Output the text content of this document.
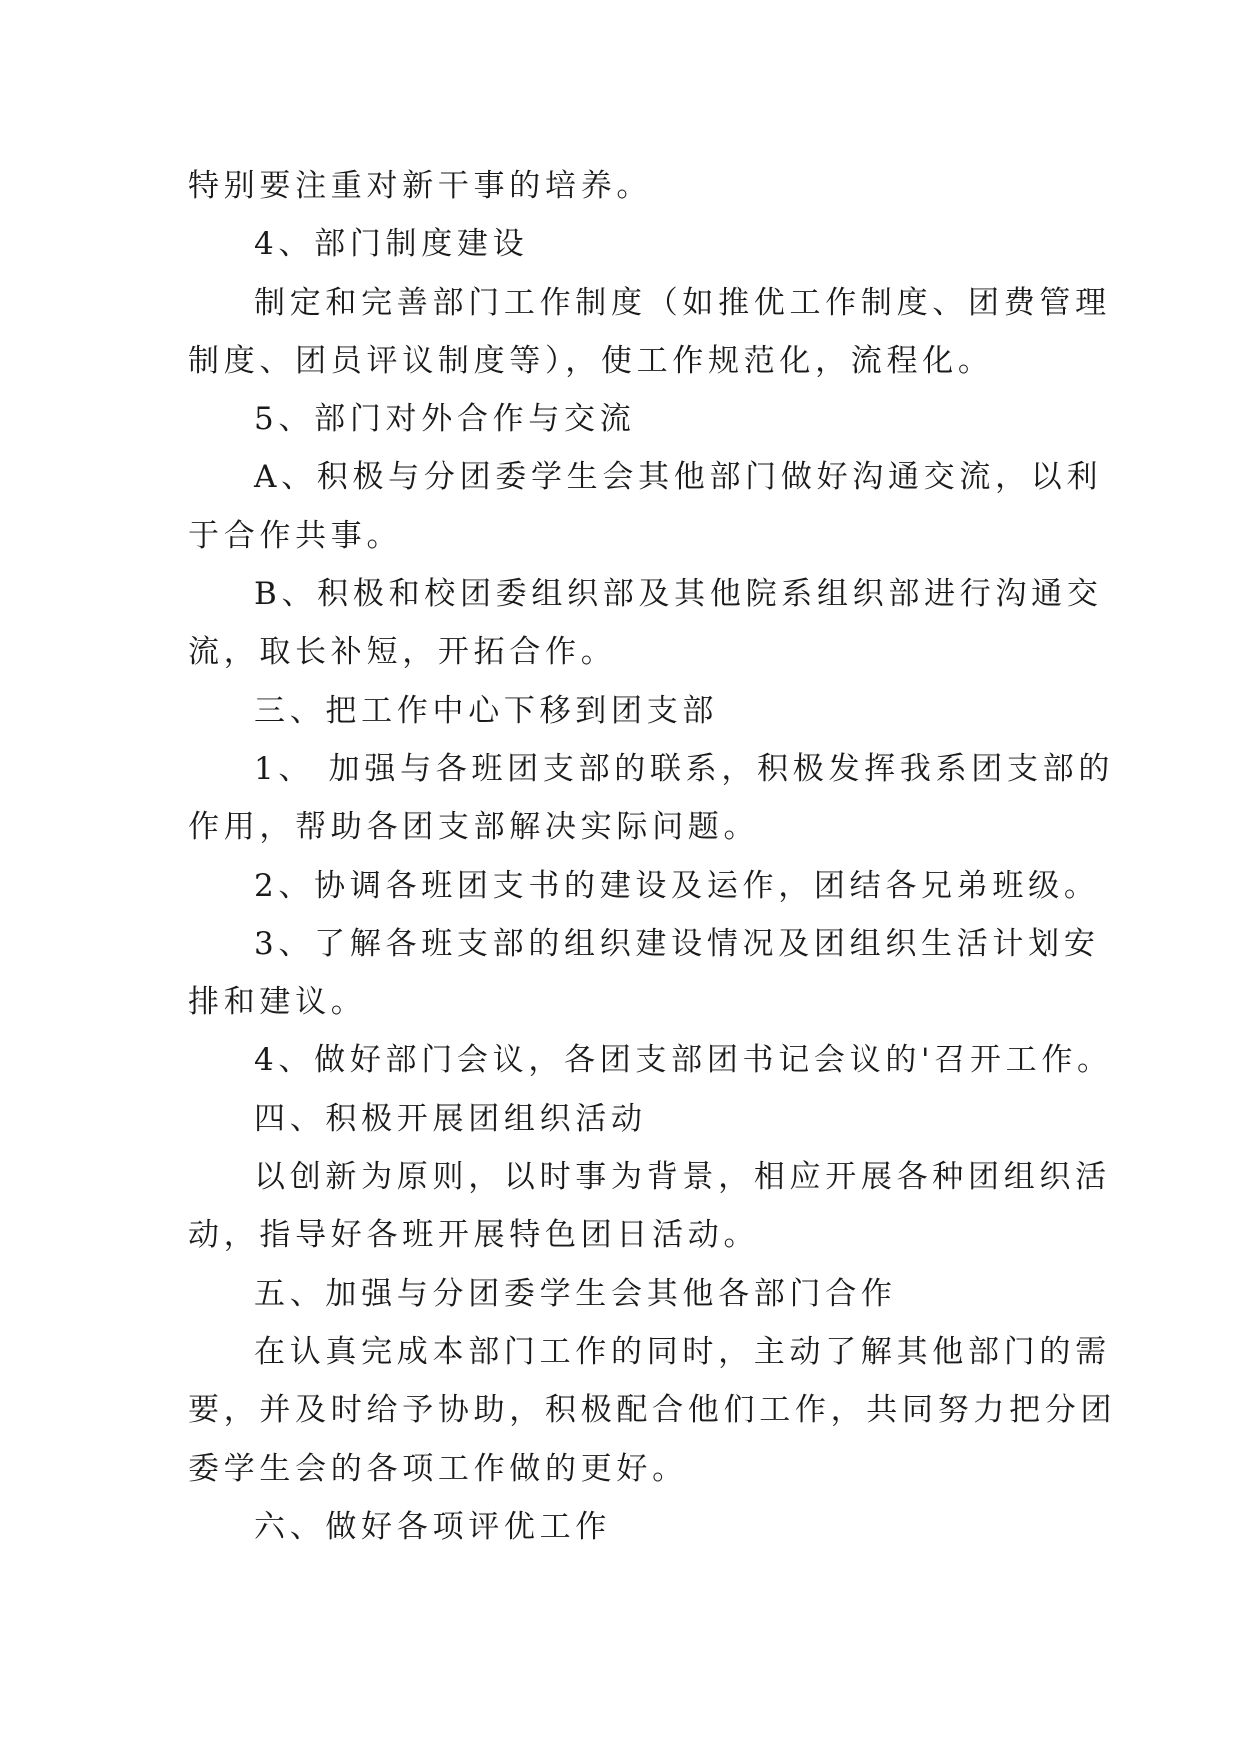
特别要注重对新干事的培养。
4、部门制度建设
制定和完善部门工作制度（如推优工作制度、团费管理
制度、团员评议制度等），使工作规范化，流程化。
5、部门对外合作与交流
A、积极与分团委学生会其他部门做好沟通交流，以利
于合作共事。
B、积极和校团委组织部及其他院系组织部进行沟通交
流，取长补短，开拓合作。
三、把工作中心下移到团支部
1、 加强与各班团支部的联系，积极发挥我系团支部的
作用，帮助各团支部解决实际问题。
2、协调各班团支书的建设及运作，团结各兄弟班级。
3、了解各班支部的组织建设情况及团组织生活计划安
排和建议。
4、做好部门会议，各团支部团书记会议的'召开工作。
四、积极开展团组织活动
以创新为原则，以时事为背景，相应开展各种团组织活
动，指导好各班开展特色团日活动。
五、加强与分团委学生会其他各部门合作
在认真完成本部门工作的同时，主动了解其他部门的需
要，并及时给予协助，积极配合他们工作，共同努力把分团
委学生会的各项工作做的更好。
六、做好各项评优工作
